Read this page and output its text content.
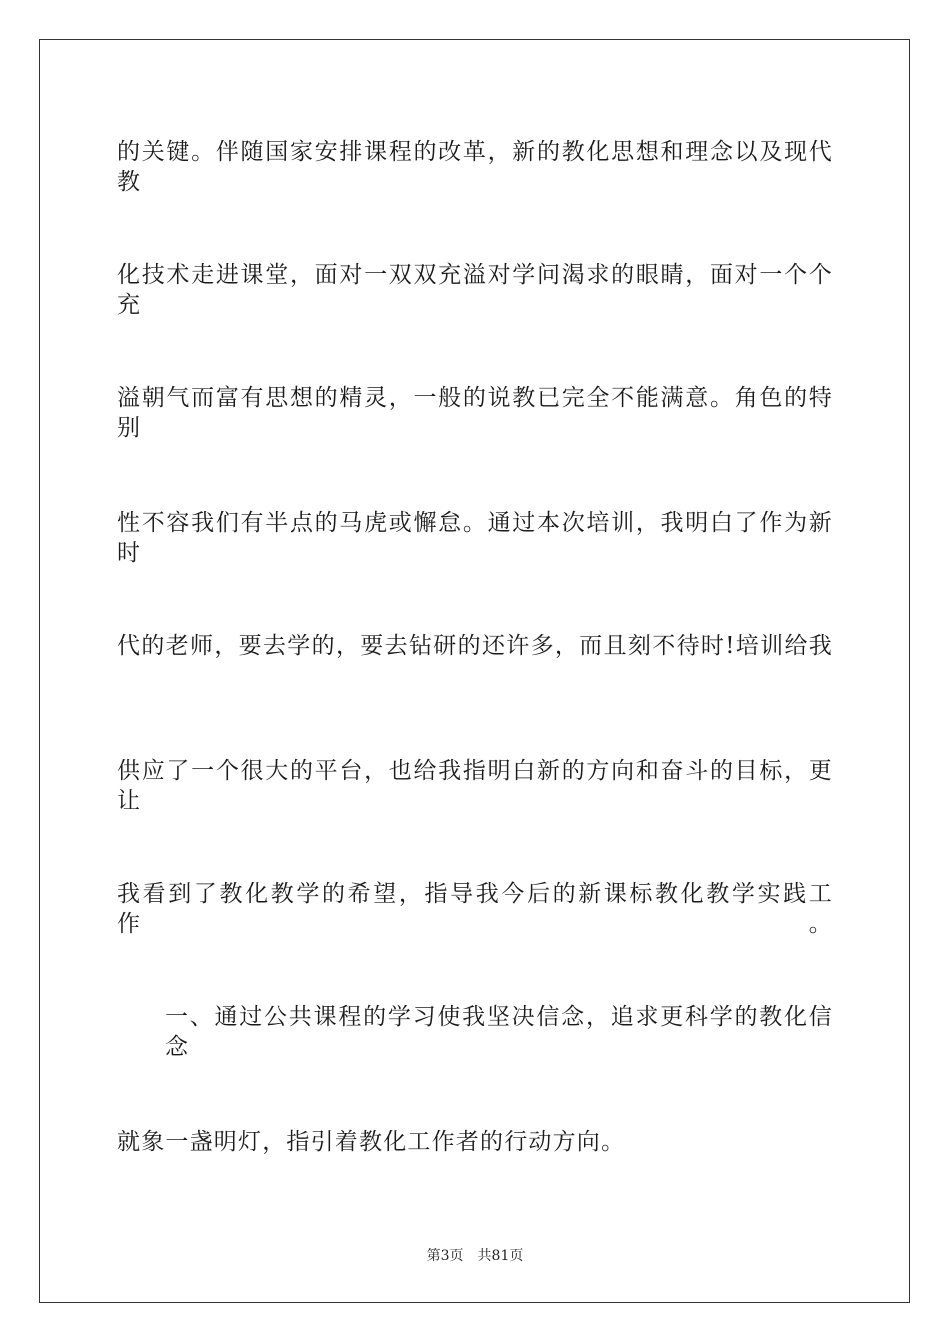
的关键。伴随国家安排课程的改革，新的教化思想和理念以及现代教
化技术走进课堂，面对一双双充溢对学问渴求的眼睛，面对一个个充
溢朝气而富有思想的精灵，一般的说教已完全不能满意。角色的特别
性不容我们有半点的马虎或懈怠。通过本次培训，我明白了作为新时
代的老师，要去学的，要去钻研的还许多，而且刻不待时!培训给我
供应了一个很大的平台，也给我指明白新的方向和奋斗的目标，更让
我看到了教化教学的希望，指导我今后的新课标教化教学实践工作。
一、通过公共课程的学习使我坚决信念，追求更科学的教化信念
就象一盏明灯，指引着教化工作者的行动方向。
第3页 共81页
